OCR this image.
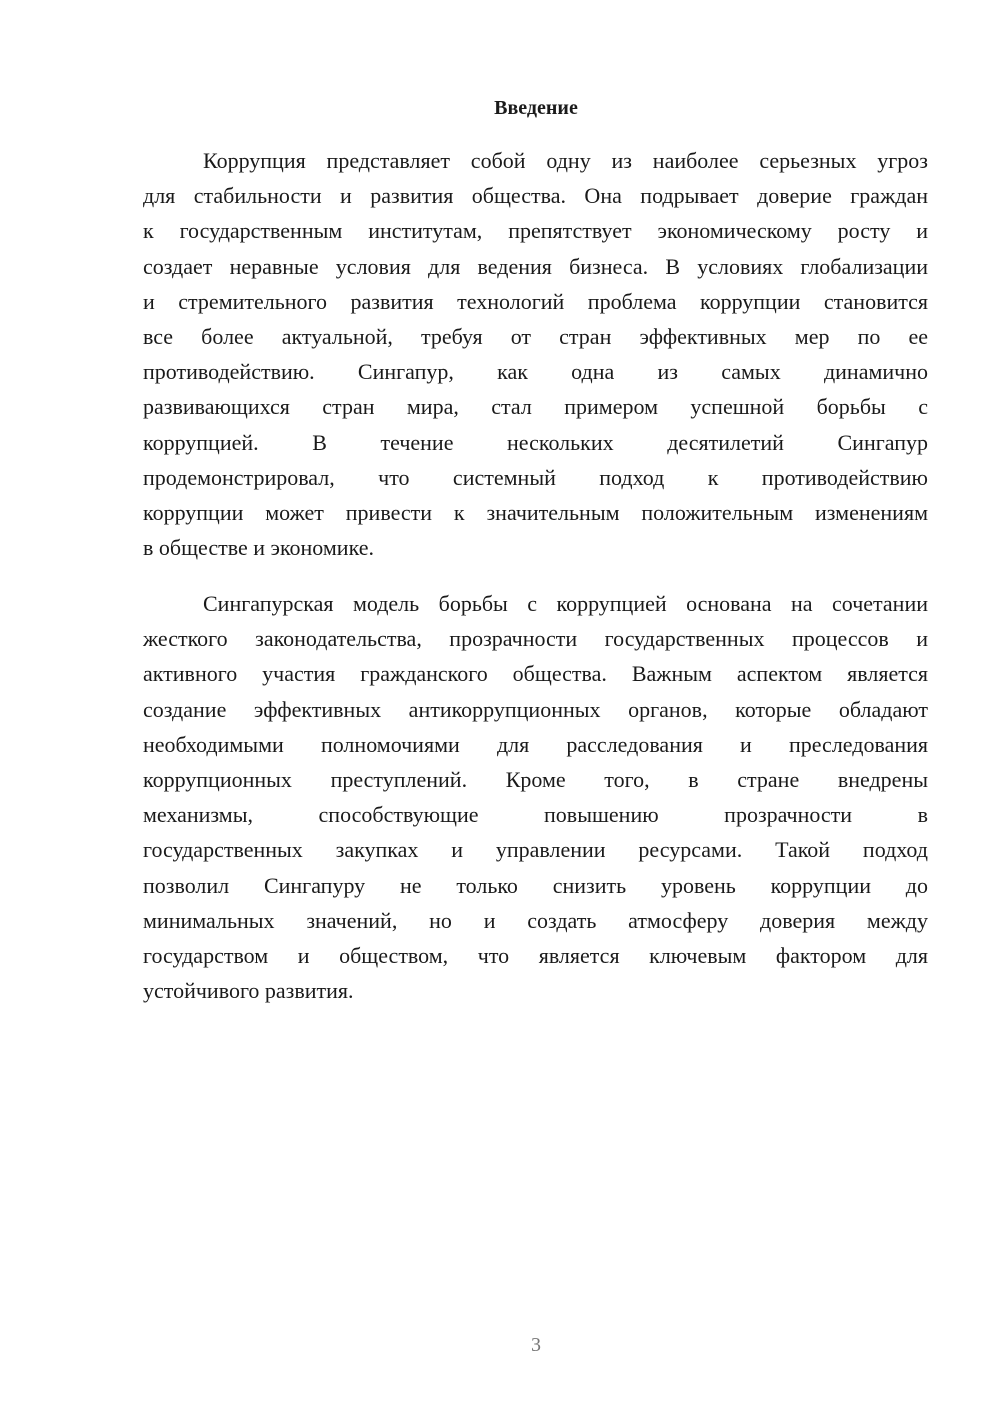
Введение
Коррупция представляет собой одну из наиболее серьезных угроз
для стабильности и развития общества. Она подрывает доверие граждан
к государственным институтам, препятствует экономическому росту и
создает неравные условия для ведения бизнеса. В условиях глобализации
и стремительного развития технологий проблема коррупции становится
все более актуальной, требуя от стран эффективных мер по ее
противодействию. Сингапур, как одна из самых динамично
развивающихся стран мира, стал примером успешной борьбы с
коррупцией. В течение нескольких десятилетий Сингапур
продемонстрировал, что системный подход к противодействию
коррупции может привести к значительным положительным изменениям
в обществе и экономике.
Сингапурская модель борьбы с коррупцией основана на сочетании
жесткого законодательства, прозрачности государственных процессов и
активного участия гражданского общества. Важным аспектом является
создание эффективных антикоррупционных органов, которые обладают
необходимыми полномочиями для расследования и преследования
коррупционных преступлений. Кроме того, в стране внедрены
механизмы, способствующие повышению прозрачности в
государственных закупках и управлении ресурсами. Такой подход
позволил Сингапуру не только снизить уровень коррупции до
минимальных значений, но и создать атмосферу доверия между
государством и обществом, что является ключевым фактором для
устойчивого развития.
3
